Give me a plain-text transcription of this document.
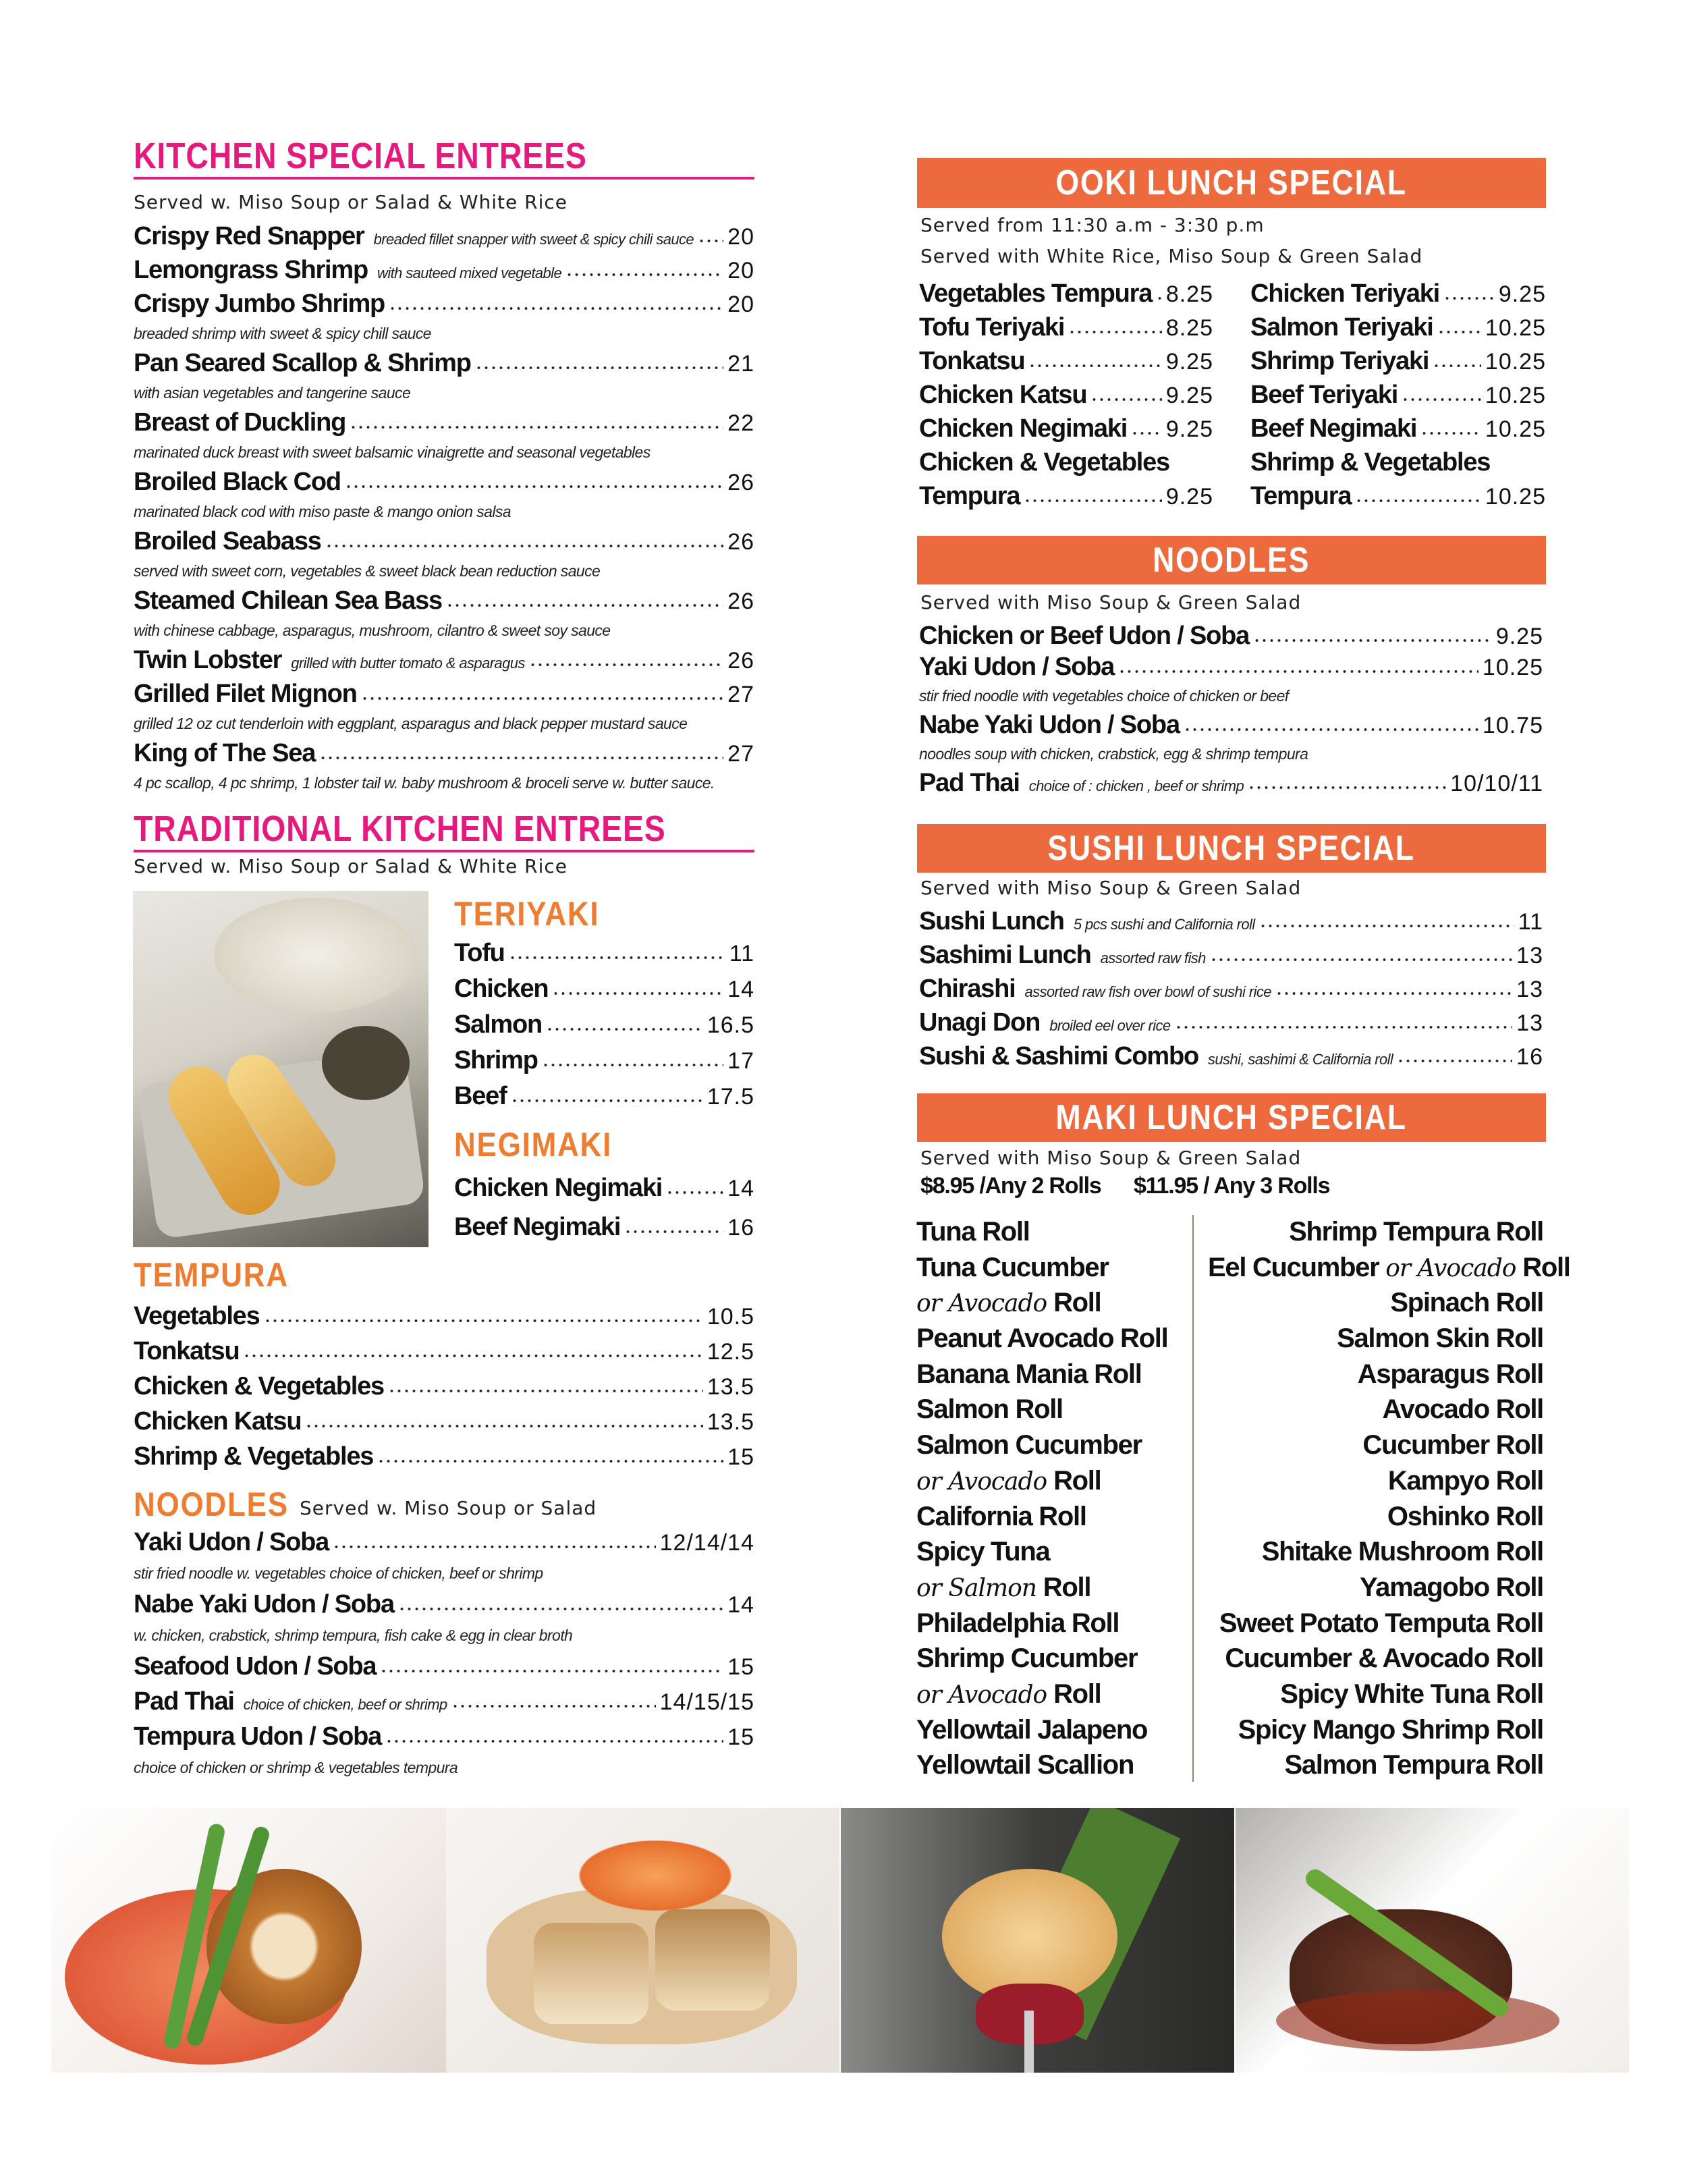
KITCHEN SPECIAL ENTREES
Served w. Miso Soup or Salad & White Rice
Crispy Red Snapper breaded fillet snapper with sweet & spicy chili sauce 20
Lemongrass Shrimp with sauteed mixed vegetable	20
Crispy Jumbo Shrimp	20
breaded shrimp with sweet & spicy chill sauce
Pan Seared Scallop & Shrimp	21
with asian vegetables and tangerine sauce
Breast of Duckling	22
marinated duck breast with sweet balsamic vinaigrette and seasonal vegetables
Broiled Black Cod	26
marinated black cod with miso paste & mango onion salsa
Broiled Seabass	26
served with sweet corn, vegetables & sweet black bean reduction sauce
Steamed Chilean Sea Bass	26
with chinese cabbage, asparagus, mushroom, cilantro & sweet soy sauce
Twin Lobster grilled with butter tomato & asparagus	26
Grilled Filet Mignon	27
grilled 12 oz cut tenderloin with eggplant, asparagus and black pepper mustard sauce
King of The Sea	27
4 pc scallop, 4 pc shrimp, 1 lobster tail w. baby mushroom & broceli serve w. butter sauce.
TRADITIONAL KITCHEN ENTREES
Served w. Miso Soup or Salad & White Rice
TERIYAKI
Tofu	11
Chicken	14
Salmon	16.5
Shrimp	17
Beef	17.5
NEGIMAKI
Chicken Negimaki	14
Beef Negimaki	16
TEMPURA
Vegetables	10.5
Tonkatsu	12.5
Chicken & Vegetables	13.5
Chicken Katsu	13.5
Shrimp & Vegetables	15
NOODLES Served w. Miso Soup or Salad
Yaki Udon / Soba	12/14/14
stir fried noodle w. vegetables choice of chicken, beef or shrimp
Nabe Yaki Udon / Soba	14
w. chicken, crabstick, shrimp tempura, fish cake & egg in clear broth
Seafood Udon / Soba	15
Pad Thai choice of chicken, beef or shrimp	14/15/15
Tempura Udon / Soba	15
choice of chicken or shrimp & vegetables tempura
OOKI LUNCH SPECIAL
Served from 11:30 a.m - 3:30 p.m
Served with White Rice, Miso Soup & Green Salad
Vegetables Tempura 8.25
Tofu Teriyaki	8.25
Tonkatsu	9.25
Chicken Katsu	9.25
Chicken Negimaki 9.25
Chicken & Vegetables
Tempura	9.25
Chicken Teriyaki	9.25
Salmon Teriyaki 10.25
Shrimp Teriyaki 10.25
Beef Teriyaki	10.25
Beef Negimaki	10.25
Shrimp & Vegetables
Tempura	10.25
NOODLES
Served with Miso Soup & Green Salad
Chicken or Beef Udon / Soba	9.25
Yaki Udon / Soba	10.25
stir fried noodle with vegetables choice of chicken or beef
Nabe Yaki Udon / Soba	10.75
noodles soup with chicken, crabstick, egg & shrimp tempura
Pad Thai choice of : chicken , beef or shrimp	10/10/11
SUSHI LUNCH SPECIAL
Served with Miso Soup & Green Salad
Sushi Lunch 5 pcs sushi and California roll	11
Sashimi Lunch assorted raw fish	13
Chirashi assorted raw fish over bowl of sushi rice	13
Unagi Don broiled eel over rice	13
Sushi & Sashimi Combo sushi, sashimi & California roll	16
MAKI LUNCH SPECIAL
Served with Miso Soup & Green Salad
$8.95 /Any 2 Rolls $11.95 / Any 3 Rolls
Tuna Roll
Tuna Cucumber
or Avocado Roll
Peanut Avocado Roll
Banana Mania Roll
Salmon Roll
Salmon Cucumber
or Avocado Roll
California Roll
Spicy Tuna
or Salmon Roll
Philadelphia Roll
Shrimp Cucumber
or Avocado Roll
Yellowtail Jalapeno
Yellowtail Scallion
Shrimp Tempura Roll
Eel Cucumber or Avocado Roll
Spinach Roll
Salmon Skin Roll
Asparagus Roll
Avocado Roll
Cucumber Roll
Kampyo Roll
Oshinko Roll
Shitake Mushroom Roll
Yamagobo Roll
Sweet Potato Temputa Roll
Cucumber & Avocado Roll
Spicy White Tuna Roll
Spicy Mango Shrimp Roll
Salmon Tempura Roll
